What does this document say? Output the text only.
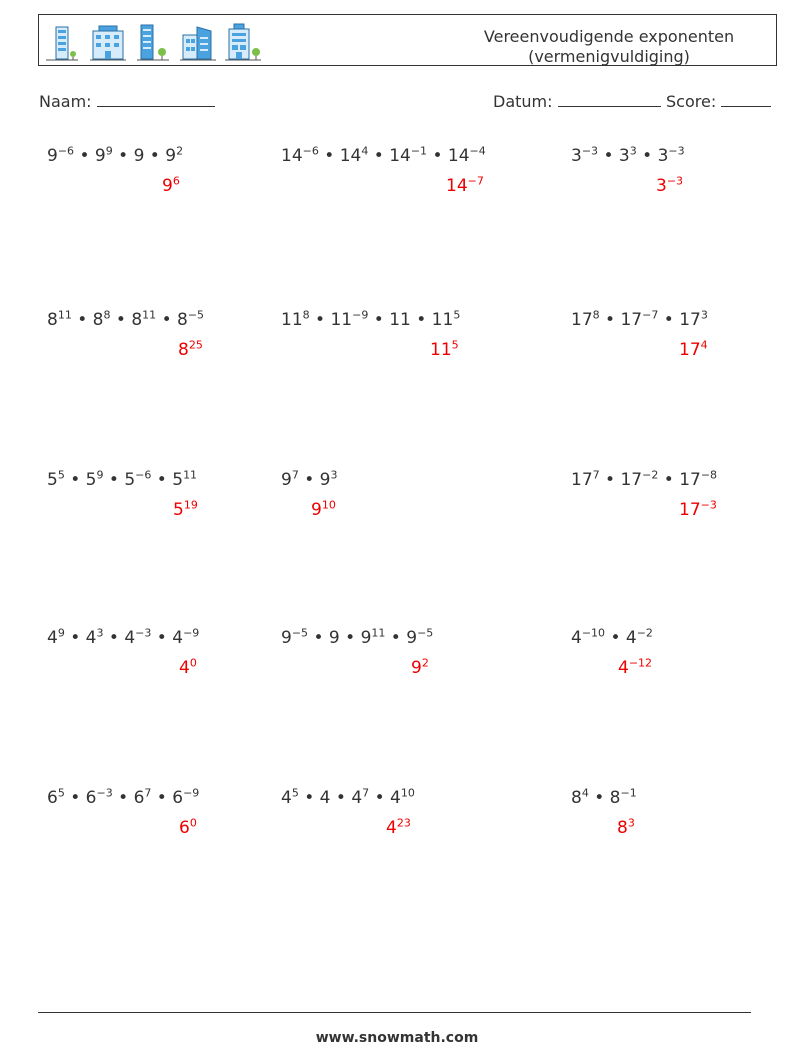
Vereenvoudigende exponenten
(vermenigvuldiging)
Naam:	Datum:	Score:
$9^{-6}$ • $9^9$ • 9 • $9^2$
$9^6$
$14^{-6}$ • $14^4$ • $14^{-1}$ • $14^{-4}$
$14^{-7}$
$3^{-3}$ • $3^3$ • $3^{-3}$
$3^{-3}$
$8^{11}$ • $8^8$ • $8^{11}$ • $8^{-5}$
$8^{25}$
$11^8$ • $11^{-9}$ • 11 • $11^5$
$11^5$
$17^8$ • $17^{-7}$ • $17^3$
$17^4$
$5^5$ • $5^9$ • $5^{-6}$ • $5^{11}$
$5^{19}$
$9^7$ • $9^3$
$9^{10}$
$17^7$ • $17^{-2}$ • $17^{-8}$
$17^{-3}$
$4^9$ • $4^3$ • $4^{-3}$ • $4^{-9}$
$4^0$
$9^{-5}$ • 9 • $9^{11}$ • $9^{-5}$
$9^2$
$4^{-10}$ • $4^{-2}$
$4^{-12}$
$6^5$ • $6^{-3}$ • $6^7$ • $6^{-9}$
$6^0$
$4^5$ • 4 • $4^7$ • $4^{10}$
$4^{23}$
$8^4$ • $8^{-1}$
$8^3$
www.snowmath.com
